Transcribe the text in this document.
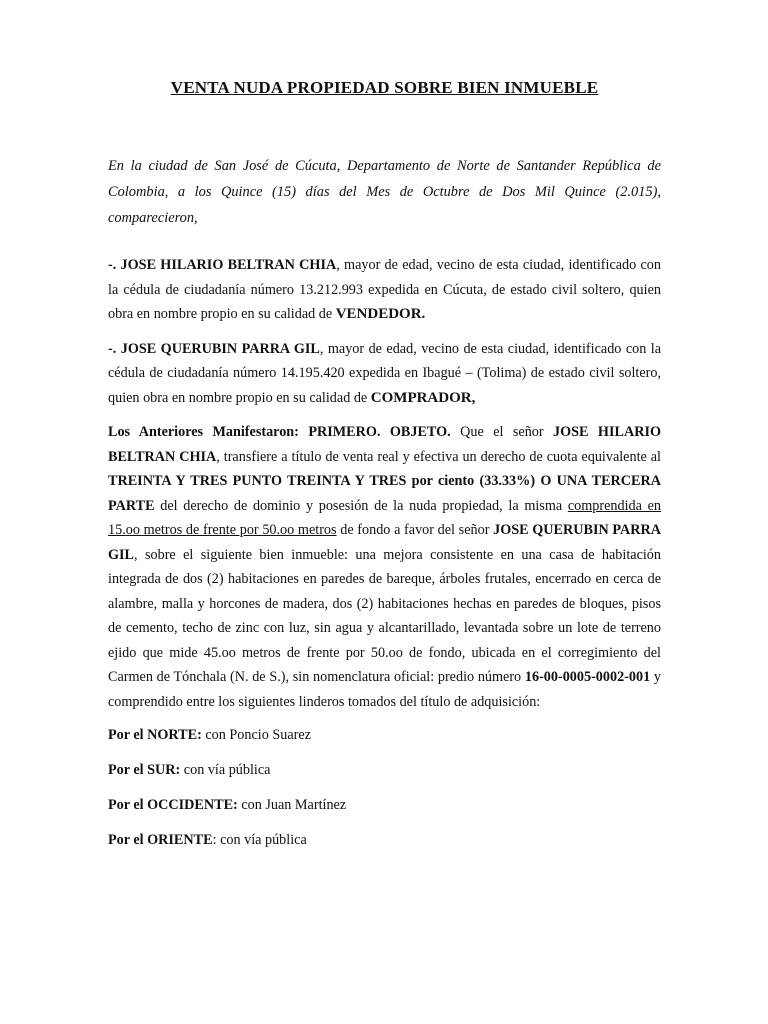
VENTA NUDA PROPIEDAD SOBRE BIEN INMUEBLE

En la ciudad de San José de Cúcuta, Departamento de Norte de Santander República de Colombia, a los Quince (15) días del Mes de Octubre de Dos Mil Quince (2.015), comparecieron,

-. JOSE HILARIO BELTRAN CHIA, mayor de edad, vecino de esta ciudad, identificado con la cédula de ciudadanía número 13.212.993 expedida en Cúcuta, de estado civil soltero, quien obra en nombre propio en su calidad de VENDEDOR.

-. JOSE QUERUBIN PARRA GIL, mayor de edad, vecino de esta ciudad, identificado con la cédula de ciudadanía número 14.195.420 expedida en Ibagué – (Tolima) de estado civil soltero, quien obra en nombre propio en su calidad de COMPRADOR,

Los Anteriores Manifestaron: PRIMERO. OBJETO. Que el señor JOSE HILARIO BELTRAN CHIA, transfiere a título de venta real y efectiva un derecho de cuota equivalente al TREINTA Y TRES PUNTO TREINTA Y TRES por ciento (33.33%) O UNA TERCERA PARTE del derecho de dominio y posesión de la nuda propiedad, la misma comprendida en 15.oo metros de frente por 50.oo metros de fondo a favor del señor JOSE QUERUBIN PARRA GIL, sobre el siguiente bien inmueble: una mejora consistente en una casa de habitación integrada de dos (2) habitaciones en paredes de bareque, árboles frutales, encerrado en cerca de alambre, malla y horcones de madera, dos (2) habitaciones hechas en paredes de bloques, pisos de cemento, techo de zinc con luz, sin agua y alcantarillado, levantada sobre un lote de terreno ejido que mide 45.oo metros de frente por 50.oo de fondo, ubicada en el corregimiento del Carmen de Tónchala (N. de S.), sin nomenclatura oficial: predio número 16-00-0005-0002-001 y comprendido entre los siguientes linderos tomados del título de adquisición:

Por el NORTE: con Poncio Suarez

Por el SUR: con vía pública

Por el OCCIDENTE: con Juan Martínez

Por el ORIENTE: con vía pública
